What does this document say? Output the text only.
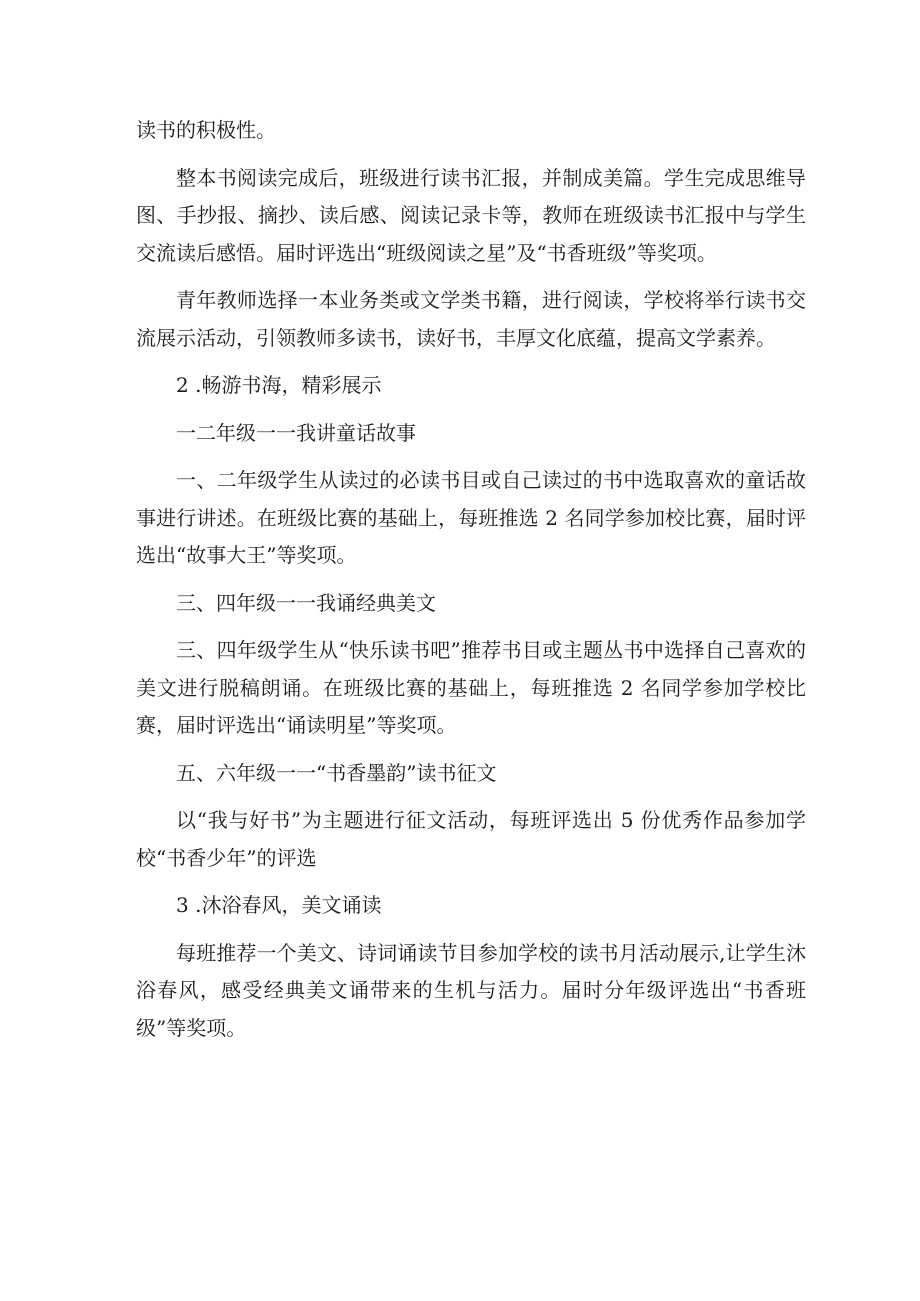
读书的积极性。

整本书阅读完成后，班级进行读书汇报，并制成美篇。学生完成思维导图、手抄报、摘抄、读后感、阅读记录卡等，教师在班级读书汇报中与学生交流读后感悟。届时评选出“班级阅读之星”及“书香班级”等奖项。

青年教师选择一本业务类或文学类书籍，进行阅读，学校将举行读书交流展示活动，引领教师多读书，读好书，丰厚文化底蕴，提高文学素养。

2 .畅游书海，精彩展示

一二年级一一我讲童话故事

一、二年级学生从读过的必读书目或自己读过的书中选取喜欢的童话故事进行讲述。在班级比赛的基础上，每班推选 2 名同学参加校比赛，届时评选出“故事大王”等奖项。

三、四年级一一我诵经典美文

三、四年级学生从“快乐读书吧”推荐书目或主题丛书中选择自己喜欢的美文进行脱稿朗诵。在班级比赛的基础上，每班推选 2 名同学参加学校比赛，届时评选出“诵读明星”等奖项。

五、六年级一一“书香墨韵”读书征文

以“我与好书”为主题进行征文活动，每班评选出 5 份优秀作品参加学校“书香少年”的评选

3 .沐浴春风，美文诵读

每班推荐一个美文、诗词诵读节目参加学校的读书月活动展示,让学生沐浴春风，感受经典美文诵带来的生机与活力。届时分年级评选出“书香班级”等奖项。
